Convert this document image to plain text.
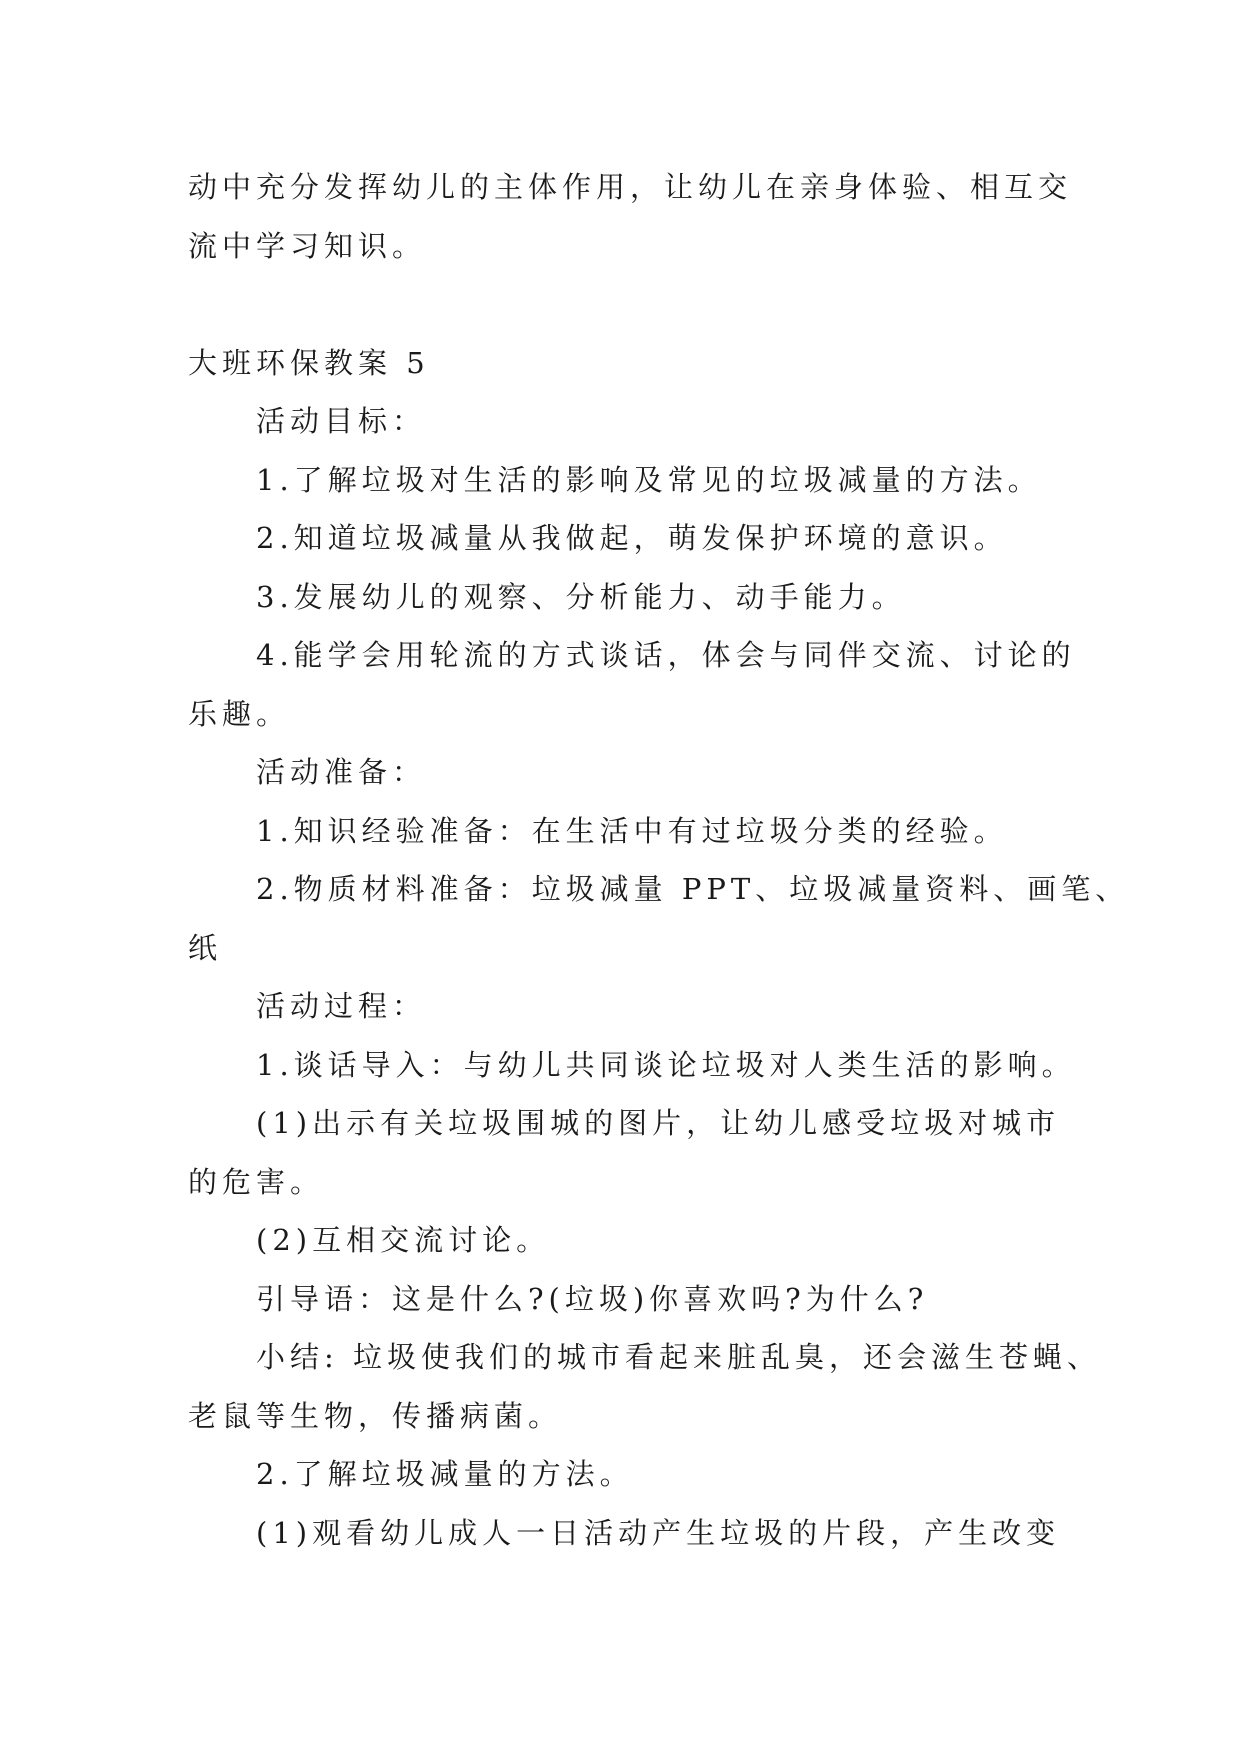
动中充分发挥幼儿的主体作用，让幼儿在亲身体验、相互交
流中学习知识。
大班环保教案 5
活动目标：
1.了解垃圾对生活的影响及常见的垃圾减量的方法。
2.知道垃圾减量从我做起，萌发保护环境的意识。
3.发展幼儿的观察、分析能力、动手能力。
4.能学会用轮流的方式谈话，体会与同伴交流、讨论的
乐趣。
活动准备：
1.知识经验准备：在生活中有过垃圾分类的经验。
2.物质材料准备：垃圾减量 PPT、垃圾减量资料、画笔、
纸
活动过程：
1.谈话导入：与幼儿共同谈论垃圾对人类生活的影响。
(1)出示有关垃圾围城的图片，让幼儿感受垃圾对城市
的危害。
(2)互相交流讨论。
引导语：这是什么?(垃圾)你喜欢吗?为什么?
小结: 垃圾使我们的城市看起来脏乱臭，还会滋生苍蝇、
老鼠等生物，传播病菌。
2.了解垃圾减量的方法。
(1)观看幼儿成人一日活动产生垃圾的片段，产生改变
